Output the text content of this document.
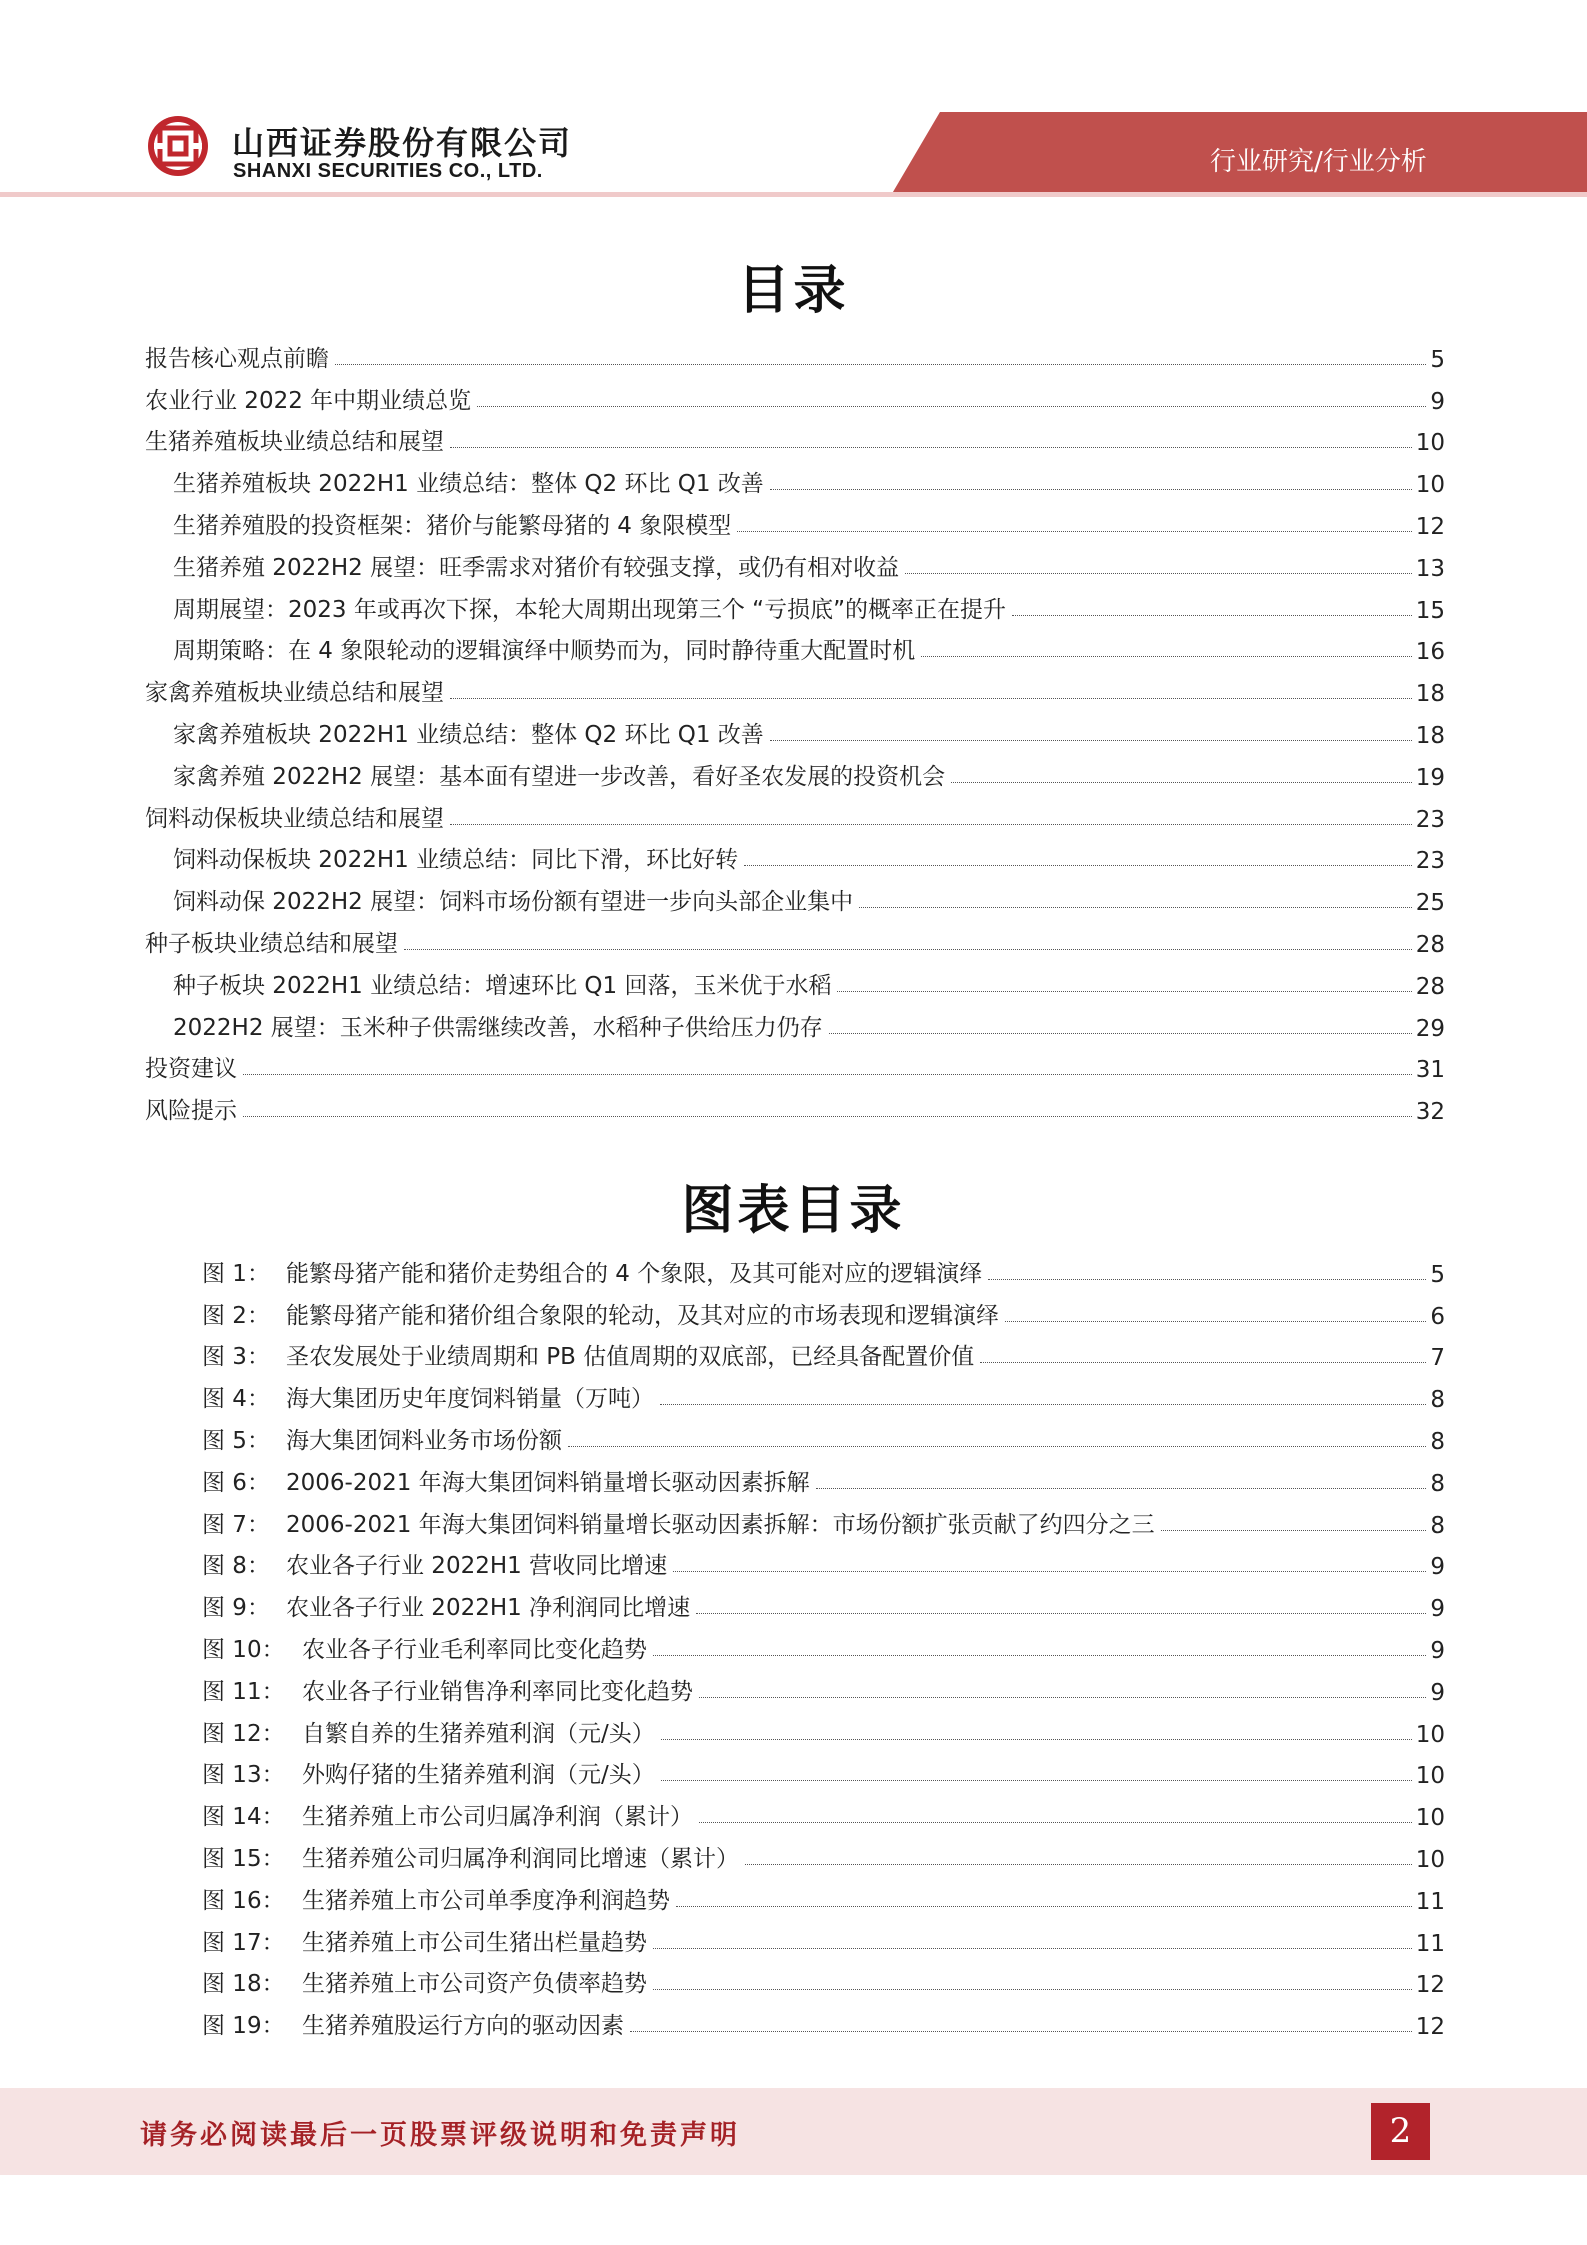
山西证券股份有限公司
SHANXI SECURITIES CO., LTD.	行业研究/行业分析
目录
报告核心观点前瞻	5
农业行业 2022 年中期业绩总览	9
生猪养殖板块业绩总结和展望	10
生猪养殖板块 2022H1 业绩总结：整体 Q2 环比 Q1 改善	10
生猪养殖股的投资框架：猪价与能繁母猪的 4 象限模型	12
生猪养殖 2022H2 展望：旺季需求对猪价有较强支撑，或仍有相对收益	13
周期展望：2023 年或再次下探，本轮大周期出现第三个 “亏损底”的概率正在提升	15
周期策略：在 4 象限轮动的逻辑演绎中顺势而为，同时静待重大配置时机	16
家禽养殖板块业绩总结和展望	18
家禽养殖板块 2022H1 业绩总结：整体 Q2 环比 Q1 改善	18
家禽养殖 2022H2 展望：基本面有望进一步改善，看好圣农发展的投资机会	19
饲料动保板块业绩总结和展望	23
饲料动保板块 2022H1 业绩总结：同比下滑，环比好转	23
饲料动保 2022H2 展望：饲料市场份额有望进一步向头部企业集中	25
种子板块业绩总结和展望	28
种子板块 2022H1 业绩总结：增速环比 Q1 回落，玉米优于水稻	28
2022H2 展望：玉米种子供需继续改善，水稻种子供给压力仍存	29
投资建议	31
风险提示	32
图表目录
图 1： 能繁母猪产能和猪价走势组合的 4 个象限，及其可能对应的逻辑演绎	5
图 2： 能繁母猪产能和猪价组合象限的轮动，及其对应的市场表现和逻辑演绎	6
图 3： 圣农发展处于业绩周期和 PB 估值周期的双底部，已经具备配置价值	7
图 4： 海大集团历史年度饲料销量（万吨）	8
图 5： 海大集团饲料业务市场份额	8
图 6： 2006-2021 年海大集团饲料销量增长驱动因素拆解	8
图 7： 2006-2021 年海大集团饲料销量增长驱动因素拆解：市场份额扩张贡献了约四分之三	8
图 8： 农业各子行业 2022H1 营收同比增速	9
图 9： 农业各子行业 2022H1 净利润同比增速	9
图 10： 农业各子行业毛利率同比变化趋势	9
图 11： 农业各子行业销售净利率同比变化趋势	9
图 12： 自繁自养的生猪养殖利润（元/头）	10
图 13： 外购仔猪的生猪养殖利润（元/头）	10
图 14： 生猪养殖上市公司归属净利润（累计）	10
图 15： 生猪养殖公司归属净利润同比增速（累计）	10
图 16： 生猪养殖上市公司单季度净利润趋势	11
图 17： 生猪养殖上市公司生猪出栏量趋势	11
图 18： 生猪养殖上市公司资产负债率趋势	12
图 19： 生猪养殖股运行方向的驱动因素	12
请务必阅读最后一页股票评级说明和免责声明	2
